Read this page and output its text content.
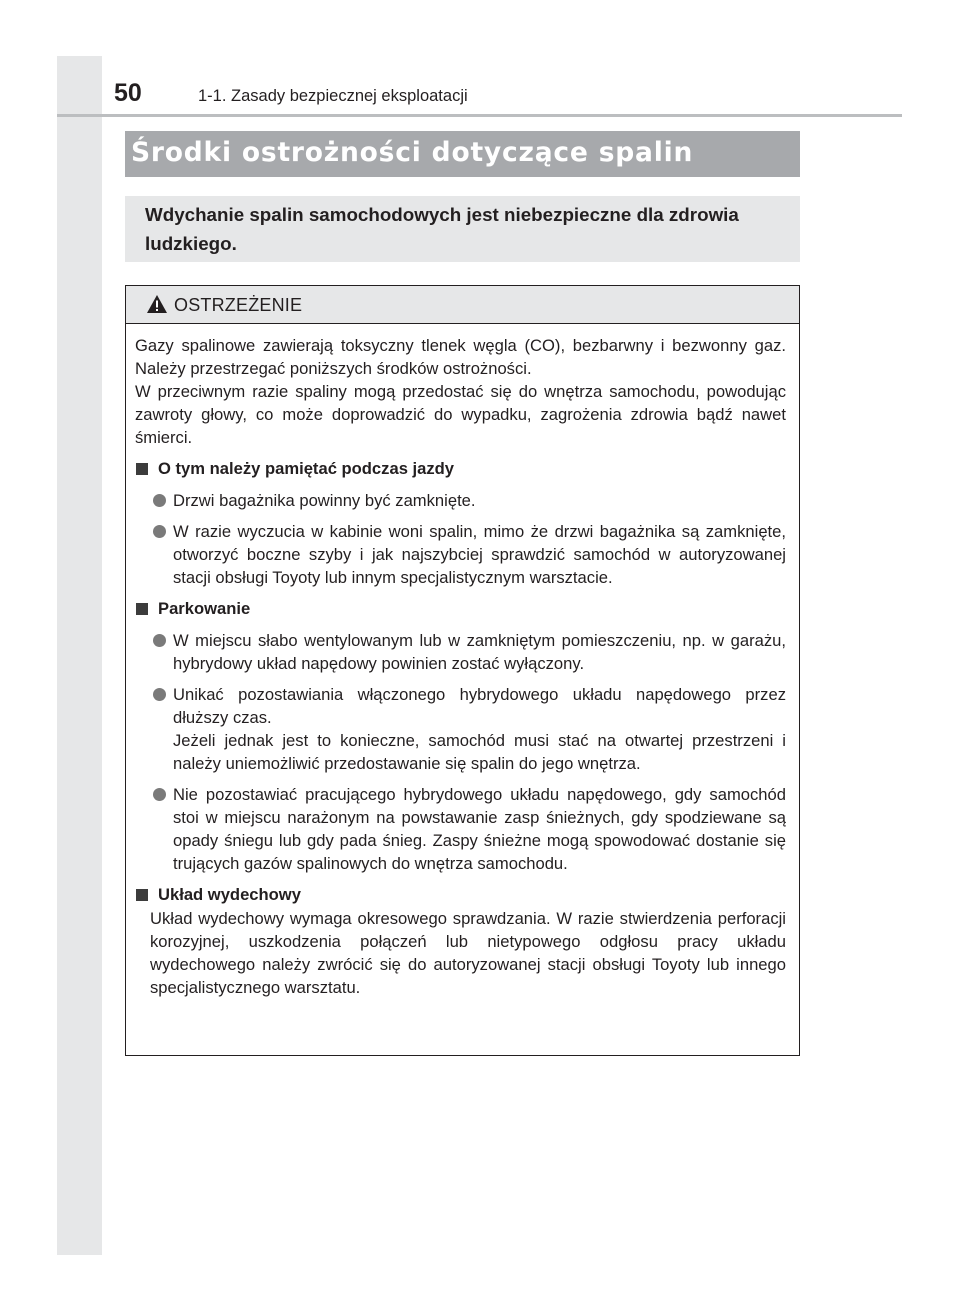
50	1-1. Zasady bezpiecznej eksploatacji
Środki ostrożności dotyczące spalin
Wdychanie spalin samochodowych jest niebezpieczne dla zdrowia ludzkiego.
OSTRZEŻENIE

Gazy spalinowe zawierają toksyczny tlenek węgla (CO), bezbarwny i bezwonny gaz. Należy przestrzegać poniższych środków ostrożności.

W przeciwnym razie spaliny mogą przedostać się do wnętrza samochodu, powodując zawroty głowy, co może doprowadzić do wypadku, zagrożenia zdrowia bądź nawet śmierci.

O tym należy pamiętać podczas jazdy

Drzwi bagażnika powinny być zamknięte.

W razie wyczucia w kabinie woni spalin, mimo że drzwi bagażnika są zamknięte, otworzyć boczne szyby i jak najszybciej sprawdzić samochód w autoryzowanej stacji obsługi Toyoty lub innym specjalistycznym warsztacie.

Parkowanie

W miejscu słabo wentylowanym lub w zamkniętym pomieszczeniu, np. w garażu, hybrydowy układ napędowy powinien zostać wyłączony.

Unikać pozostawiania włączonego hybrydowego układu napędowego przez dłuższy czas.

Jeżeli jednak jest to konieczne, samochód musi stać na otwartej przestrzeni i należy uniemożliwić przedostawanie się spalin do jego wnętrza.

Nie pozostawiać pracującego hybrydowego układu napędowego, gdy samochód stoi w miejscu narażonym na powstawanie zasp śnieżnych, gdy spodziewane są opady śniegu lub gdy pada śnieg. Zaspy śnieżne mogą spowodować dostanie się trujących gazów spalinowych do wnętrza samochodu.

Układ wydechowy

Układ wydechowy wymaga okresowego sprawdzania. W razie stwierdzenia perforacji korozyjnej, uszkodzenia połączeń lub nietypowego odgłosu pracy układu wydechowego należy zwrócić się do autoryzowanej stacji obsługi Toyoty lub innego specjalistycznego warsztatu.
